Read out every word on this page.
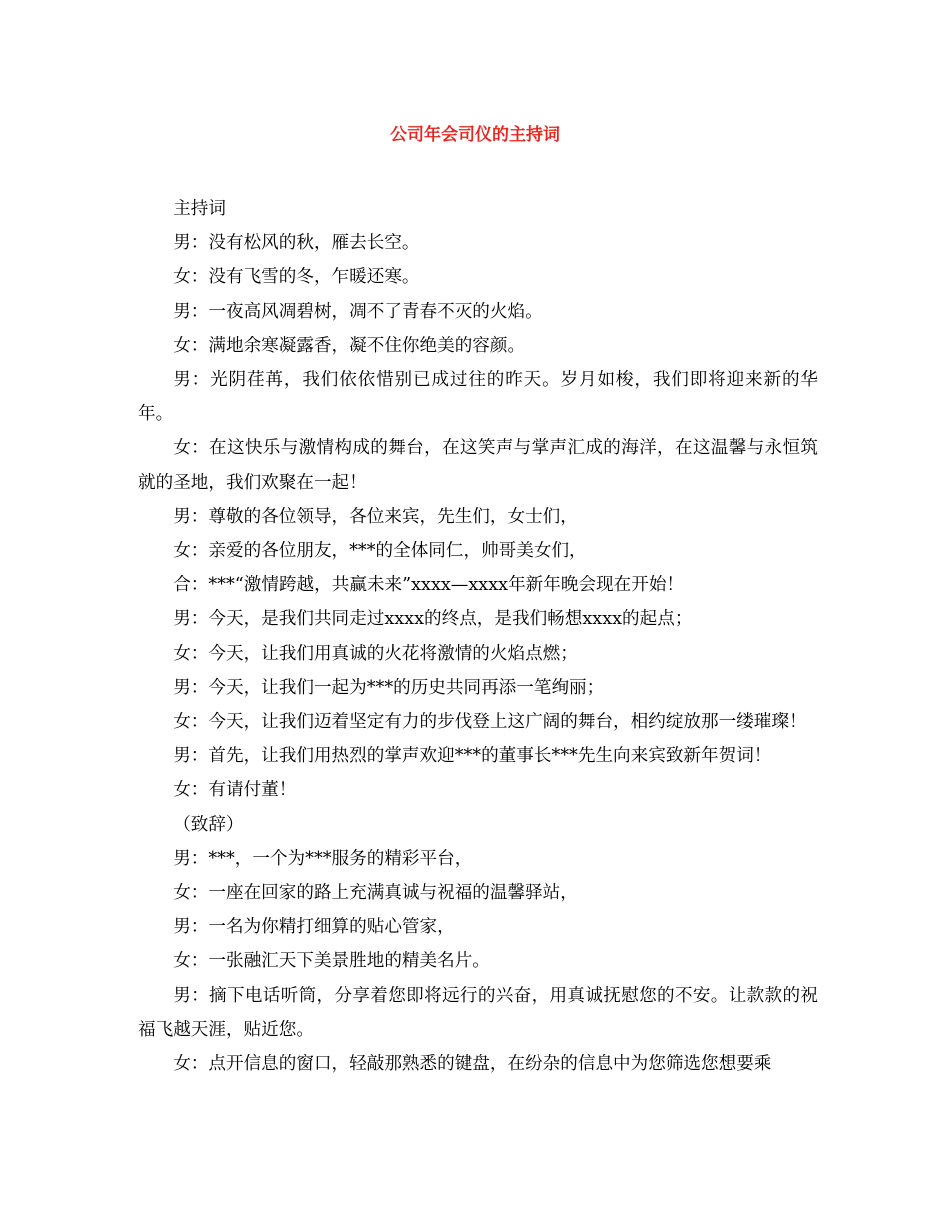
公司年会司仪的主持词

主持词

男：没有松风的秋，雁去长空。

女：没有飞雪的冬，乍暖还寒。

男：一夜高风凋碧树，凋不了青春不灭的火焰。

女：满地余寒凝露香，凝不住你绝美的容颜。

男：光阴荏苒，我们依依惜别已成过往的昨天。岁月如梭，我们即将迎来新的华年。

女：在这快乐与激情构成的舞台，在这笑声与掌声汇成的海洋，在这温馨与永恒筑就的圣地，我们欢聚在一起！

男：尊敬的各位领导，各位来宾，先生们，女士们，

女：亲爱的各位朋友，***的全体同仁，帅哥美女们，

合：***“激情跨越，共赢未来”xxxx—xxxx年新年晚会现在开始！

男：今天，是我们共同走过xxxx的终点，是我们畅想xxxx的起点；

女：今天，让我们用真诚的火花将激情的火焰点燃；

男：今天，让我们一起为***的历史共同再添一笔绚丽；

女：今天，让我们迈着坚定有力的步伐登上这广阔的舞台，相约绽放那一缕璀璨！

男：首先，让我们用热烈的掌声欢迎***的董事长***先生向来宾致新年贺词！

女：有请付董！

（致辞）

男：***，一个为***服务的精彩平台，

女：一座在回家的路上充满真诚与祝福的温馨驿站，

男：一名为你精打细算的贴心管家，

女：一张融汇天下美景胜地的精美名片。

男：摘下电话听筒，分享着您即将远行的兴奋，用真诚抚慰您的不安。让款款的祝福飞越天涯，贴近您。

女：点开信息的窗口，轻敲那熟悉的键盘，在纷杂的信息中为您筛选您想要乘
